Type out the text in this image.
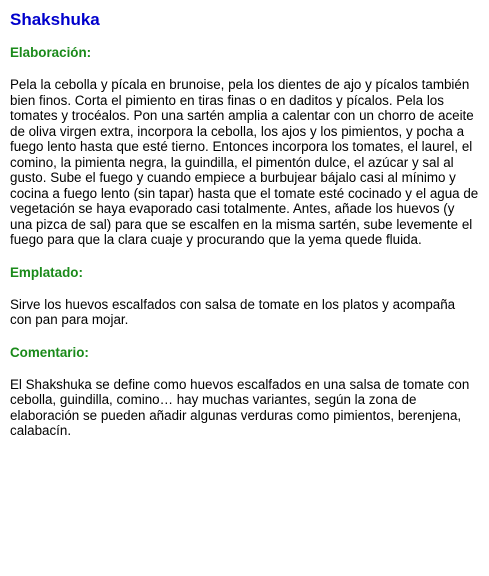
Shakshuka
Elaboración:

Pela la cebolla y pícala en brunoise, pela los dientes de ajo y pícalos también bien finos. Corta el pimiento en tiras finas o en daditos y pícalos. Pela los tomates y trocéalos. Pon una sartén amplia a calentar con un chorro de aceite de oliva virgen extra, incorpora la cebolla, los ajos y los pimientos, y pocha a fuego lento hasta que esté tierno. Entonces incorpora los tomates, el laurel, el comino, la pimienta negra, la guindilla, el pimentón dulce, el azúcar y sal al gusto. Sube el fuego y cuando empiece a burbujear bájalo casi al mínimo y cocina a fuego lento (sin tapar) hasta que el tomate esté cocinado y el agua de vegetación se haya evaporado casi totalmente. Antes, añade los huevos (y una pizca de sal) para que se escalfen en la misma sartén, sube levemente el fuego para que la clara cuaje y procurando que la yema quede fluida.

Emplatado:

Sirve los huevos escalfados con salsa de tomate en los platos y acompaña con pan para mojar.

Comentario:

El Shakshuka se define como huevos escalfados en una salsa de tomate con cebolla, guindilla, comino… hay muchas variantes, según la zona de elaboración se pueden añadir algunas verduras como pimientos, berenjena, calabacín.
